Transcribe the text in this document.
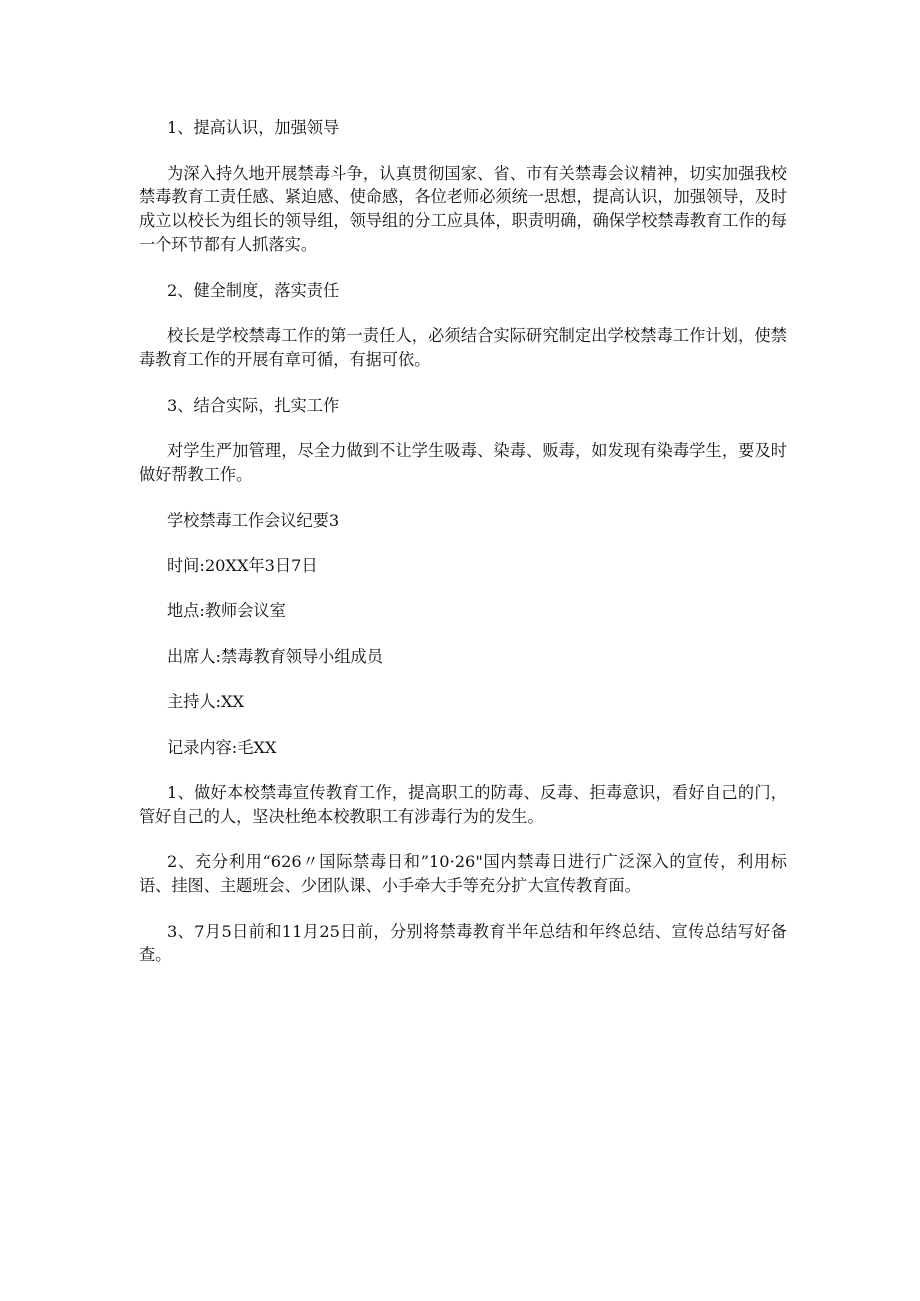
1、提高认识，加强领导

为深入持久地开展禁毒斗争，认真贯彻国家、省、市有关禁毒会议精神，切实加强我校禁毒教育工责任感、紧迫感、使命感，各位老师必须统一思想，提高认识，加强领导，及时成立以校长为组长的领导组，领导组的分工应具体，职责明确，确保学校禁毒教育工作的每一个环节都有人抓落实。

2、健全制度，落实责任

校长是学校禁毒工作的第一责任人，必须结合实际研究制定出学校禁毒工作计划，使禁毒教育工作的开展有章可循，有据可依。

3、结合实际，扎实工作

对学生严加管理，尽全力做到不让学生吸毒、染毒、贩毒，如发现有染毒学生，要及时做好帮教工作。

学校禁毒工作会议纪要3

时间:20XX年3日7日

地点:教师会议室

出席人:禁毒教育领导小组成员

主持人:XX

记录内容:毛XX

1、做好本校禁毒宣传教育工作，提高职工的防毒、反毒、拒毒意识，看好自己的门，管好自己的人，坚决杜绝本校教职工有涉毒行为的发生。

2、充分利用“626〃国际禁毒日和”10·26"国内禁毒日进行广泛深入的宣传，利用标语、挂图、主题班会、少团队课、小手牵大手等充分扩大宣传教育面。

3、7月5日前和11月25日前，分别将禁毒教育半年总结和年终总结、宣传总结写好备查。
